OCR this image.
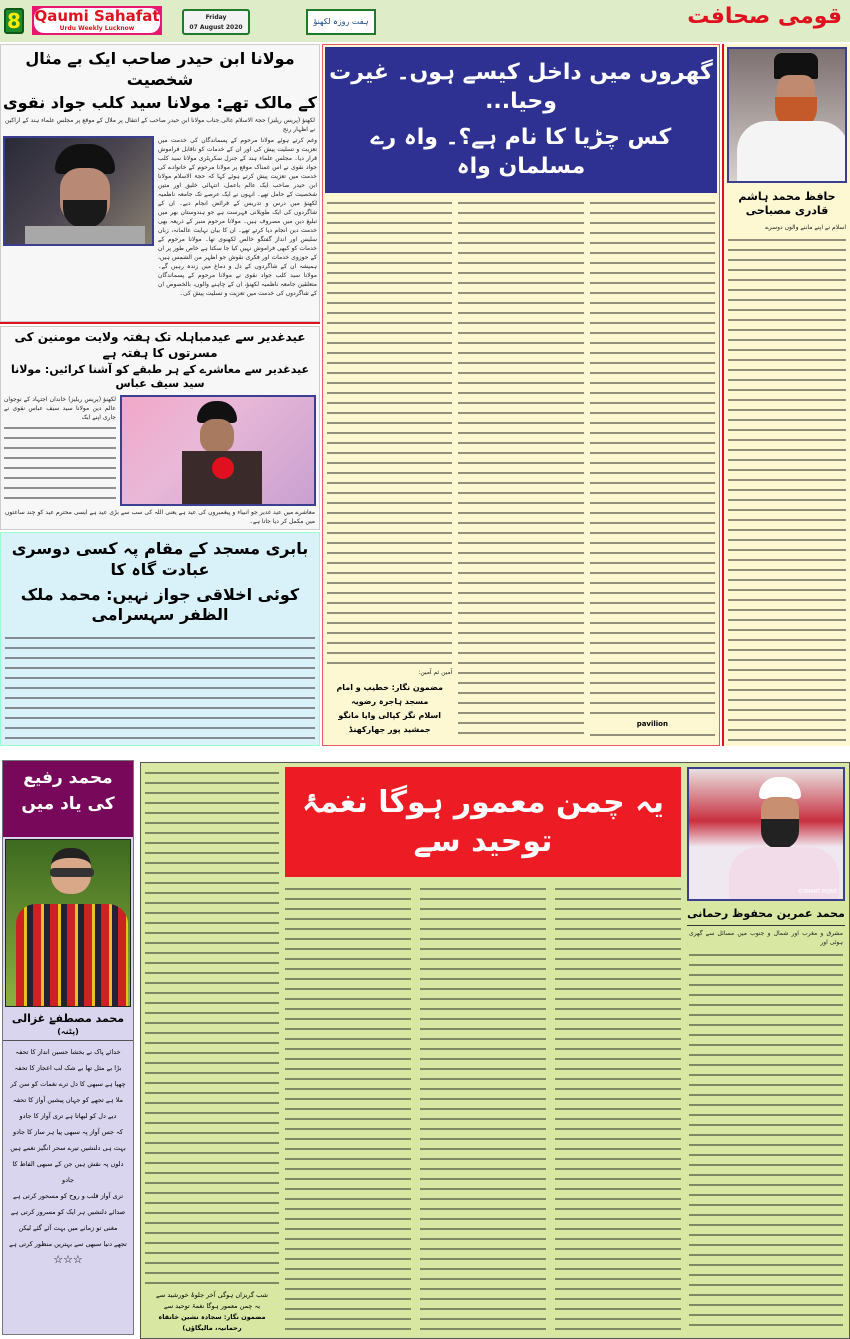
8 Qaumi Sahafat
Urdu Weekly Lucknow
Friday
07 August 2020
ہفت روزہ لکھنؤ	قومی صحافت
مولانا ابن حیدر صاحب ایک بے مثال شخصیت
کے مالک تھے: مولانا سید کلب جواد نقوی
لکھنؤ (پریس ریلیز) حجۃ الاسلام عالی جناب مولانا ابن حیدر صاحب کے انتقال پر ملال کے موقع پر مجلس علماء ہند کے اراکین نے اظہار رنج
وغم کرتے ہوئے مولانا مرحوم کے پسماندگان کی خدمت میں تعزیت و تسلیت پیش کی اور ان کے خدمات کو ناقابل فراموش قرار دیا۔ مجلس علماء ہند کے جنرل سکریٹری مولانا سید کلب جواد نقوی نے اس غمناک موقع پر مولانا مرحوم کے خانوادے کی خدمت میں تعزیت پیش کرتے ہوئے کہا کہ حجۃ الاسلام مولانا ابن حیدر صاحب ایک عالم باعمل، انتہائی خلیق اور متین شخصیت کے حامل تھے۔ انہوں نے ایک عرصے تک جامعہ ناظمیہ لکھنؤ میں درس و تدریس کے فرائض انجام دیے۔ ان کے شاگردوں کی ایک طویلانی فہرست ہے جو ہندوستان بھر میں تبلیغ دین میں مصروف ہیں۔ مولانا مرحوم منبر کے ذریعہ بھی خدمت دین انجام دیا کرتے تھے۔ ان کا بیان نہایت عالمانہ، زبان سلیس اور انداز گفتگو خالص لکھنوی تھا۔ مولانا مرحوم کے خدمات کو کبھی فراموش نہیں کیا جا سکتا ہے خاص طور پر ان کے حوزوی خدمات اور فکری نقوش جو اظہر من الشمس ہیں، ہمیشہ ان کے شاگردوں کے دل و دماغ میں زندہ رہیں گے۔ مولانا سید کلب جواد نقوی نے مولانا مرحوم کے پسماندگان متعلقین جامعہ ناظمیہ لکھنؤ، ان کے چاہنے والوں، بالخصوص ان کے شاگردوں کی خدمت میں تعزیت و تسلیت پیش کی۔
عیدغدیر سے عیدمباہلہ تک ہفتہ ولایت مومنین کی مسرتوں کا ہفتہ ہے
عیدغدیر سے معاشرے کے ہر طبقے کو آشنا کرائیں: مولانا سید سیف عباس
لکھنؤ (پریس ریلیز) خاندان اجتہاد کے نوجوان عالم دین مولانا سید سیف عباس نقوی نے جاری اپنے ایک
معاشرے میں عید غدیر جو انبیاء و پیغمبروں کی عید ہے یعنی اللہ کی سب سے بڑی عید ہے ایسی محترم عید کو چند ساعتوں میں مکمل کر دیا جاتا ہے۔
بابری مسجد کے مقام پہ کسی دوسری عبادت گاہ کا
کوئی اخلاقی جواز نہیں: محمد ملک الظفر سہسرامی
گھروں میں داخل کیسے ہوں۔ غیرت وحیا...
کس چڑیا کا نام ہے؟۔ واہ رے مسلمان واہ
pavilion
آمین ثم آمین:
مضمون نگار: خطیب و امام مسجد ہاجرہ رضویہ
اسلام نگر کپالی وایا مانگو جمشید پور جھارکھنڈ
حافظ محمد ہاشم قادری مصباحی
اسلام نے اپنے ماننے والوں دوسرے
محمد رفیع
کی یاد میں
محمد مصطفےٰ غزالی
(پٹنہ)
خدائے پاک نے بخشا حسین انداز کا تحفہ
بڑا بے مثل تھا بے شک لب اعجاز کا تحفہ
چھپا ہے سبھی کا دل ترے نغمات کو سن کر
ملا ہے تجھے کو جہاں پیشین آواز کا تحفہ
دیے دل کو لبھاتا ہے تری آواز کا جادو
کہ جس آواز پہ سبھی پیا ہر ساز کا جادو
بہت ہی دلنشیں تیرے سحر انگیز نغمے ہیں
دلوں پہ نقش ہیں جن کے سبھی الفاظ کا جادو
تری آواز قلب و روح کو مسحور کرتی ہے
صدائے دلنشیں ہر ایک کو مسرور کرتی ہے
مغنی تو زمانے میں بہت آئے گئے لیکن
تجھے دنیا سبھی سے بہتریں منظور کرتی ہے
☆☆☆
شب گریزاں ہوگی آخر جلوۂ خورشید سے
یہ چمن معمور ہوگا نغمۂ توحید سے
مضمون نگار: سجادہ نشین خانقاہ رحمانیہ، مالیگاؤں)
یہ چمن معمور ہوگا نغمۂ توحید سے
©SMART POINT
محمد عمرین محفوظ رحمانی
مشرق و مغرب اور شمال و جنوب میں مسائل سے گھری ہوئی اور
